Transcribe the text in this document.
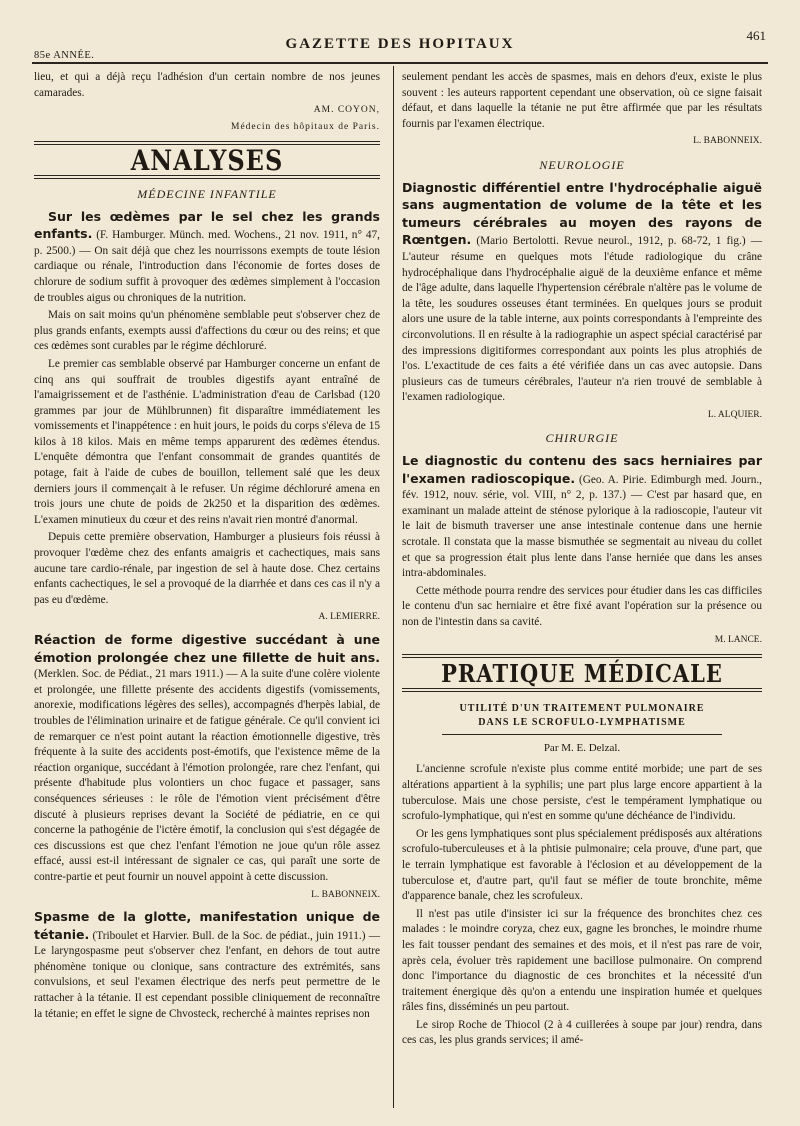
85e ANNÉE.
GAZETTE DES HOPITAUX
461

lieu, et qui a déjà reçu l'adhésion d'un certain nombre de nos jeunes camarades.

AM. COYON,
Médecin des hôpitaux de Paris.
ANALYSES
MÉDECINE INFANTILE

Sur les œdèmes par le sel chez les grands enfants. (F. Hamburger. Münch. med. Wochens., 21 nov. 1911, n° 47, p. 2500.) — On sait déjà que chez les nourrissons exempts de toute lésion cardiaque ou rénale, l'introduction dans l'économie de fortes doses de chlorure de sodium suffit à provoquer des œdèmes simplement à l'occasion de troubles aigus ou chroniques de la nutrition.

Mais on sait moins qu'un phénomène semblable peut s'observer chez de plus grands enfants, exempts aussi d'affections du cœur ou des reins; et que ces œdèmes sont curables par le régime déchloruré.

Le premier cas semblable observé par Hamburger concerne un enfant de cinq ans qui souffrait de troubles digestifs ayant entraîné de l'amaigrissement et de l'asthénie. L'administration d'eau de Carlsbad (120 grammes par jour de Mühlbrunnen) fit disparaître immédiatement les vomissements et l'inappétence : en huit jours, le poids du corps s'éleva de 15 kilos à 18 kilos. Mais en même temps apparurent des œdèmes étendus. L'enquête démontra que l'enfant consommait de grandes quantités de potage, fait à l'aide de cubes de bouillon, tellement salé que les deux derniers jours il commençait à le refuser. Un régime déchloruré amena en trois jours une chute de poids de 2k250 et la disparition des œdèmes. L'examen minutieux du cœur et des reins n'avait rien montré d'anormal.

Depuis cette première observation, Hamburger a plusieurs fois réussi à provoquer l'œdème chez des enfants amaigris et cachectiques, mais sans aucune tare cardio-rénale, par ingestion de sel à haute dose. Chez certains enfants cachectiques, le sel a provoqué de la diarrhée et dans ces cas il n'y a pas eu d'œdème.

A. LEMIERRE.

Réaction de forme digestive succédant à une émotion prolongée chez une fillette de huit ans. (Merklen. Soc. de Pédiat., 21 mars 1911.) — A la suite d'une colère violente et prolongée, une fillette présente des accidents digestifs (vomissements, anorexie, modifications légères des selles), accompagnés d'herpès labial, de troubles de l'élimination urinaire et de fatigue générale. Ce qu'il convient ici de remarquer ce n'est point autant la réaction émotionnelle digestive, très fréquente à la suite des accidents post-émotifs, que l'existence même de la réaction organique, succédant à l'émotion prolongée, rare chez l'enfant, qui présente d'habitude plus volontiers un choc fugace et passager, sans conséquences sérieuses : le rôle de l'émotion vient précisément d'être discuté à plusieurs reprises devant la Société de pédiatrie, en ce qui concerne la pathogénie de l'ictère émotif, la conclusion qui s'est dégagée de ces discussions est que chez l'enfant l'émotion ne joue qu'un rôle assez effacé, aussi est-il intéressant de signaler ce cas, qui paraît une sorte de contre-partie et peut fournir un nouvel appoint à cette discussion.

L. BABONNEIX.

Spasme de la glotte, manifestation unique de tétanie. (Triboulet et Harvier. Bull. de la Soc. de pédiat., juin 1911.) — Le laryngospasme peut s'observer chez l'enfant, en dehors de tout autre phénomène tonique ou clonique, sans contracture des extrémités, sans convulsions, et seul l'examen électrique des nerfs peut permettre de le rattacher à la tétanie. Il est cependant possible cliniquement de reconnaître la tétanie; en effet le signe de Chvosteck, recherché à maintes reprises non

seulement pendant les accès de spasmes, mais en dehors d'eux, existe le plus souvent : les auteurs rapportent cependant une observation, où ce signe faisait défaut, et dans laquelle la tétanie ne put être affirmée que par les résultats fournis par l'examen électrique.

L. BABONNEIX.
NEUROLOGIE

Diagnostic différentiel entre l'hydrocéphalie aiguë sans augmentation de volume de la tête et les tumeurs cérébrales au moyen des rayons de Rœntgen. (Mario Bertolotti. Revue neurol., 1912, p. 68-72, 1 fig.) — L'auteur résume en quelques mots l'étude radiologique du crâne hydrocéphalique dans l'hydrocéphalie aiguë de la deuxième enfance et même de l'âge adulte, dans laquelle l'hypertension cérébrale n'altère pas le volume de la tête, les soudures osseuses étant terminées. En quelques jours se produit alors une usure de la table interne, aux points correspondants à l'empreinte des circonvolutions. Il en résulte à la radiographie un aspect spécial caractérisé par des impressions digitiformes correspondant aux points les plus atrophiés de l'os. L'exactitude de ces faits a été vérifiée dans un cas avec autopsie. Dans plusieurs cas de tumeurs cérébrales, l'auteur n'a rien trouvé de semblable à l'examen radiologique.

L. ALQUIER.
CHIRURGIE

Le diagnostic du contenu des sacs herniaires par l'examen radioscopique. (Geo. A. Pirie. Edimburgh med. Journ., fév. 1912, nouv. série, vol. VIII, n° 2, p. 137.) — C'est par hasard que, en examinant un malade atteint de sténose pylorique à la radioscopie, l'auteur vit le lait de bismuth traverser une anse intestinale contenue dans une hernie scrotale. Il constata que la masse bismuthée se segmentait au niveau du collet et que sa progression était plus lente dans l'anse herniée que dans les anses intra-abdominales.

Cette méthode pourra rendre des services pour étudier dans les cas difficiles le contenu d'un sac herniaire et être fixé avant l'opération sur la présence ou non de l'intestin dans sa cavité.

M. LANCE.
PRATIQUE MÉDICALE
UTILITÉ D'UN TRAITEMENT PULMONAIRE
DANS LE SCROFULO-LYMPHATISME
Par M. E. Delzal.

L'ancienne scrofule n'existe plus comme entité morbide; une part de ses altérations appartient à la syphilis; une part plus large encore appartient à la tuberculose. Mais une chose persiste, c'est le tempérament lymphatique ou scrofulo-lymphatique, qui n'est en somme qu'une déchéance de l'individu.

Or les gens lymphatiques sont plus spécialement prédisposés aux altérations scrofulo-tuberculeuses et à la phtisie pulmonaire; cela prouve, d'une part, que le terrain lymphatique est favorable à l'éclosion et au développement de la tuberculose et, d'autre part, qu'il faut se méfier de toute bronchite, même d'apparence banale, chez les scrofuleux.

Il n'est pas utile d'insister ici sur la fréquence des bronchites chez ces malades : le moindre coryza, chez eux, gagne les bronches, le moindre rhume les fait tousser pendant des semaines et des mois, et il n'est pas rare de voir, après cela, évoluer très rapidement une bacillose pulmonaire. On comprend donc l'importance du diagnostic de ces bronchites et la nécessité d'un traitement énergique dès qu'on a entendu une inspiration humée et quelques râles fins, disséminés un peu partout.

Le sirop Roche de Thiocol (2 à 4 cuillerées à soupe par jour) rendra, dans ces cas, les plus grands services; il amé-
